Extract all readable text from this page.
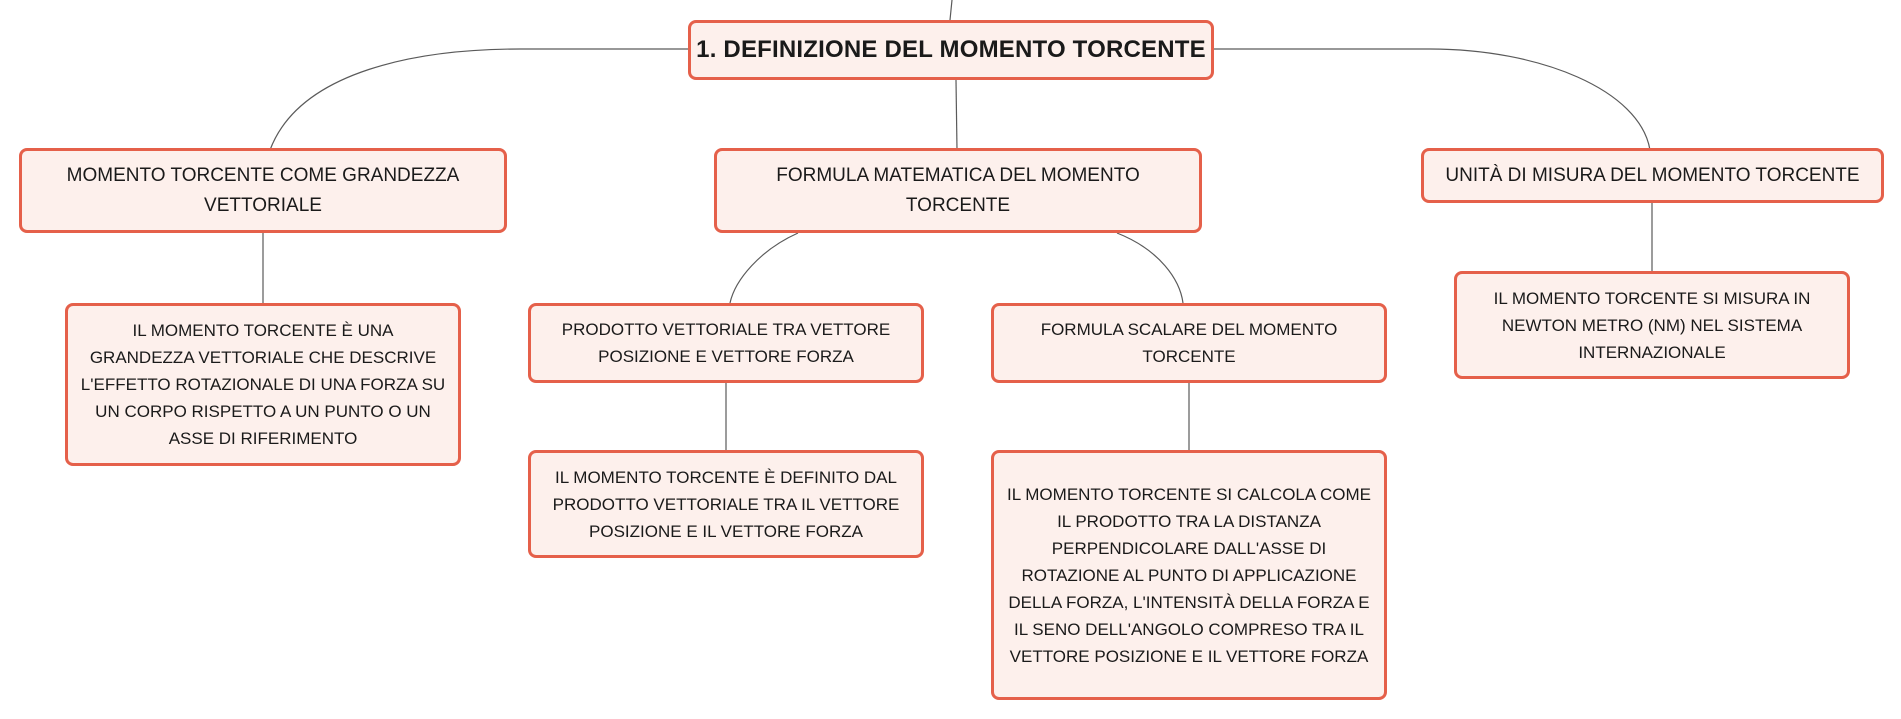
1. DEFINIZIONE DEL MOMENTO TORCENTE
MOMENTO TORCENTE COME GRANDEZZA VETTORIALE
FORMULA MATEMATICA DEL MOMENTO TORCENTE
UNITÀ DI MISURA DEL MOMENTO TORCENTE
IL MOMENTO TORCENTE È UNA GRANDEZZA VETTORIALE CHE DESCRIVE L'EFFETTO ROTAZIONALE DI UNA FORZA SU UN CORPO RISPETTO A UN PUNTO O UN ASSE DI RIFERIMENTO
PRODOTTO VETTORIALE TRA VETTORE POSIZIONE E VETTORE FORZA
FORMULA SCALARE DEL MOMENTO TORCENTE
IL MOMENTO TORCENTE È DEFINITO DAL PRODOTTO VETTORIALE TRA IL VETTORE POSIZIONE E IL VETTORE FORZA
IL MOMENTO TORCENTE SI CALCOLA COME IL PRODOTTO TRA LA DISTANZA PERPENDICOLARE DALL'ASSE DI ROTAZIONE AL PUNTO DI APPLICAZIONE DELLA FORZA, L'INTENSITÀ DELLA FORZA E IL SENO DELL'ANGOLO COMPRESO TRA IL VETTORE POSIZIONE E IL VETTORE FORZA
IL MOMENTO TORCENTE SI MISURA IN NEWTON METRO (NM) NEL SISTEMA INTERNAZIONALE
